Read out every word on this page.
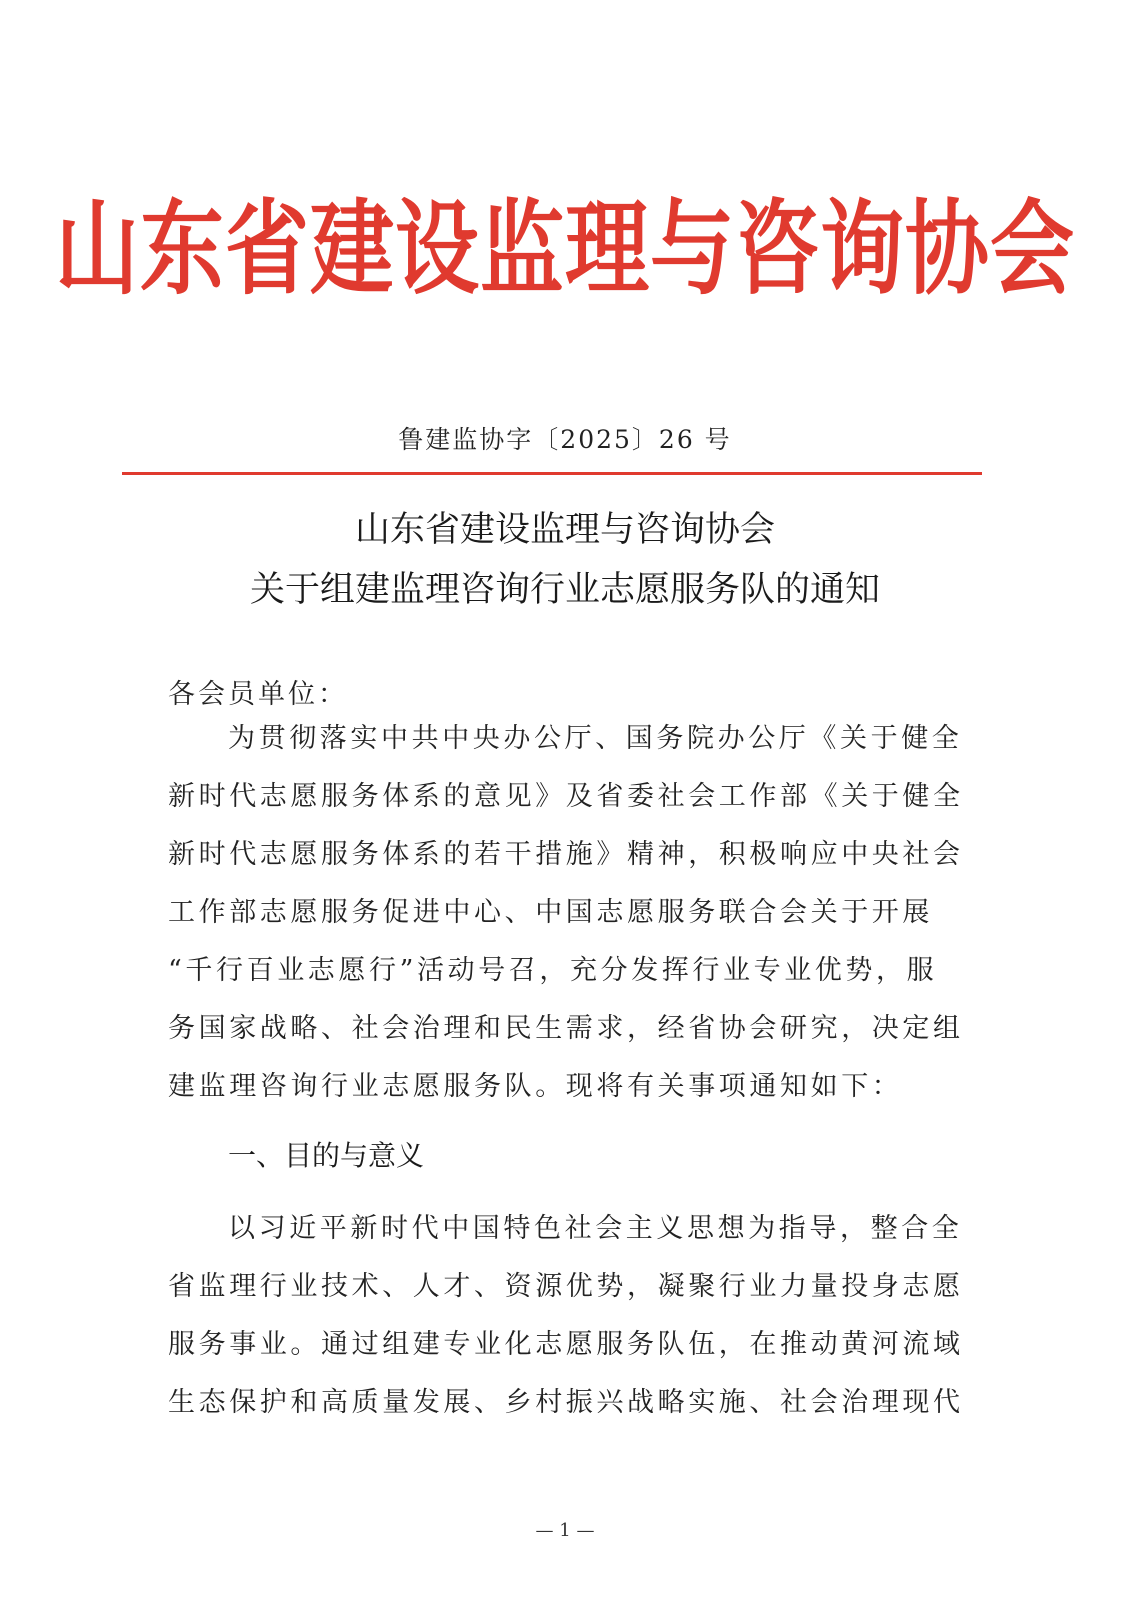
山东省建设监理与咨询协会
鲁建监协字〔2025〕26 号
山东省建设监理与咨询协会
关于组建监理咨询行业志愿服务队的通知
各会员单位：
为贯彻落实中共中央办公厅、国务院办公厅《关于健全
新时代志愿服务体系的意见》及省委社会工作部《关于健全
新时代志愿服务体系的若干措施》精神，积极响应中央社会
工作部志愿服务促进中心、中国志愿服务联合会关于开展
“千行百业志愿行”活动号召，充分发挥行业专业优势，服
务国家战略、社会治理和民生需求，经省协会研究，决定组
建监理咨询行业志愿服务队。现将有关事项通知如下：
一、目的与意义
以习近平新时代中国特色社会主义思想为指导，整合全
省监理行业技术、人才、资源优势，凝聚行业力量投身志愿
服务事业。通过组建专业化志愿服务队伍，在推动黄河流域
生态保护和高质量发展、乡村振兴战略实施、社会治理现代
— 1 —
